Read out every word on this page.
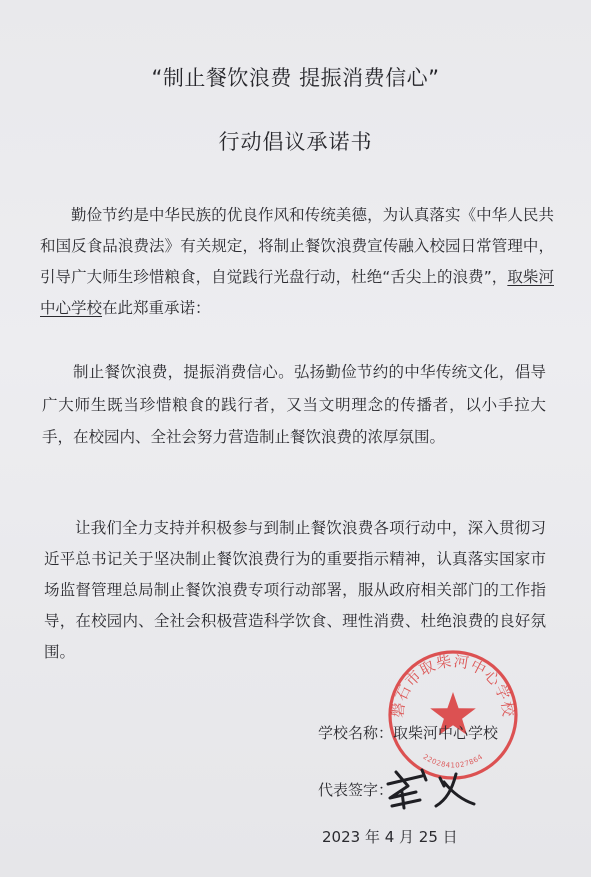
“制止餐饮浪费 提振消费信心”
行动倡议承诺书
勤俭节约是中华民族的优良作风和传统美德，为认真落实《中华人民共和国反食品浪费法》有关规定，将制止餐饮浪费宣传融入校园日常管理中，引导广大师生珍惜粮食，自觉践行光盘行动，杜绝“舌尖上的浪费”，取柴河中心学校在此郑重承诺：
制止餐饮浪费，提振消费信心。弘扬勤俭节约的中华传统文化，倡导广大师生既当珍惜粮食的践行者，又当文明理念的传播者，以小手拉大手，在校园内、全社会努力营造制止餐饮浪费的浓厚氛围。
让我们全力支持并积极参与到制止餐饮浪费各项行动中，深入贯彻习近平总书记关于坚决制止餐饮浪费行为的重要指示精神，认真落实国家市场监督管理总局制止餐饮浪费专项行动部署，服从政府相关部门的工作指导，在校园内、全社会积极营造科学饮食、理性消费、杜绝浪费的良好氛围。
磐石市取柴河中心学校
2202841027864
学校名称：取柴河中心学校
代表签字：
2023 年 4 月 25 日
